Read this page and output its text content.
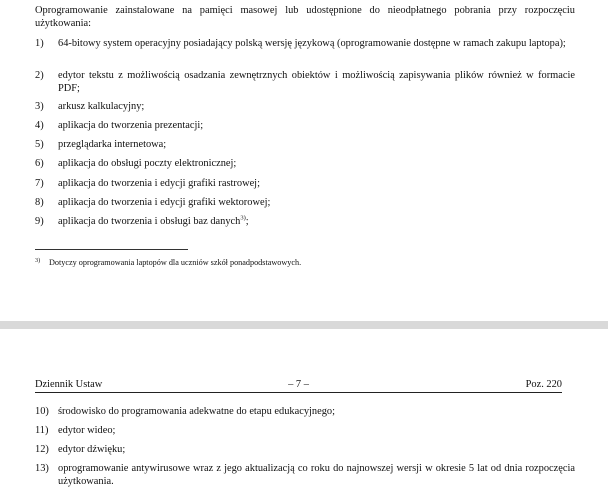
Oprogramowanie zainstalowane na pamięci masowej lub udostępnione do nieodpłatnego pobrania przy rozpoczęciu użytkowania:

1)	64-bitowy system operacyjny posiadający polską wersję językową (oprogramowanie dostępne w ramach zakupu laptopa);
2)	edytor tekstu z możliwością osadzania zewnętrznych obiektów i możliwością zapisywania plików również w formacie PDF;
3)	arkusz kalkulacyjny;
4)	aplikacja do tworzenia prezentacji;
5)	przeglądarka internetowa;
6)	aplikacja do obsługi poczty elektronicznej;
7)	aplikacja do tworzenia i edycji grafiki rastrowej;
8)	aplikacja do tworzenia i edycji grafiki wektorowej;
9)	aplikacja do tworzenia i obsługi baz danych$^{3)}$;
3) Dotyczy oprogramowania laptopów dla uczniów szkół ponadpodstawowych.
Dziennik Ustaw	– 7 –	Poz. 220
10) środowisko do programowania adekwatne do etapu edukacyjnego;
11) edytor wideo;
12) edytor dźwięku;
13) oprogramowanie antywirusowe wraz z jego aktualizacją co roku do najnowszej wersji w okresie 5 lat od dnia rozpoczęcia użytkowania.
